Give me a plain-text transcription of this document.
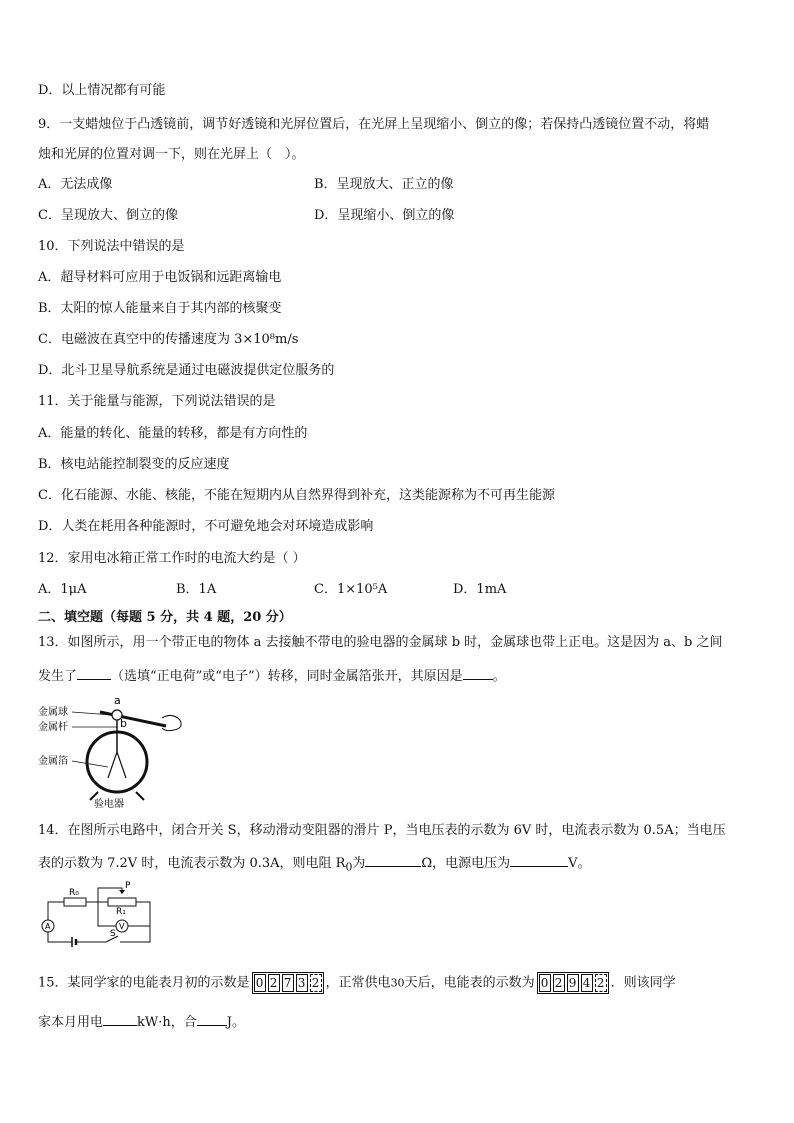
D．以上情况都有可能
9．一支蜡烛位于凸透镜前，调节好透镜和光屏位置后，在光屏上呈现缩小、倒立的像；若保持凸透镜位置不动，将蜡
烛和光屏的位置对调一下，则在光屏上（　）。
A．无法成像	B．呈现放大、正立的像
C．呈现放大、倒立的像	D．呈现缩小、倒立的像
10．下列说法中错误的是
A．超导材料可应用于电饭锅和远距离输电
B．太阳的惊人能量来自于其内部的核聚变
C．电磁波在真空中的传播速度为 3×10⁸m/s
D．北斗卫星导航系统是通过电磁波提供定位服务的
11．关于能量与能源，下列说法错误的是
A．能量的转化、能量的转移，都是有方向性的
B．核电站能控制裂变的反应速度
C．化石能源、水能、核能，不能在短期内从自然界得到补充，这类能源称为不可再生能源
D．人类在耗用各种能源时，不可避免地会对环境造成影响
12．家用电冰箱正常工作时的电流大约是（ ）
A．1μA	B．1A	C．1×10⁵A	D．1mA
二、填空题（每题 5 分，共 4 题，20 分）
13．如图所示，用一个带正电的物体 a 去接触不带电的验电器的金属球 b 时，金属球也带上正电。这是因为 a、b 之间
发生了	（选填“正电荷”或“电子”）转移，同时金属箔张开，其原因是 。
金属球
金属杆
金属箔
a
b
验电器
14．在图所示电路中，闭合开关 S，移动滑动变阻器的滑片 P，当电压表的示数为 6V 时，电流表示数为 0.5A；当电压
表的示数为 7.2V 时，电流表示数为 0.3A，则电阻 $R_0$为	Ω，电源电压为	V。
R₀
R₁
P
S
A	V
15．某同学家的电能表月初的示数是 0 2 7 3 2 ，正常供电30天后，电能表的示数为 0 2 9 4 2 ．则该同学
家本月用电	kW·h，合 J。
